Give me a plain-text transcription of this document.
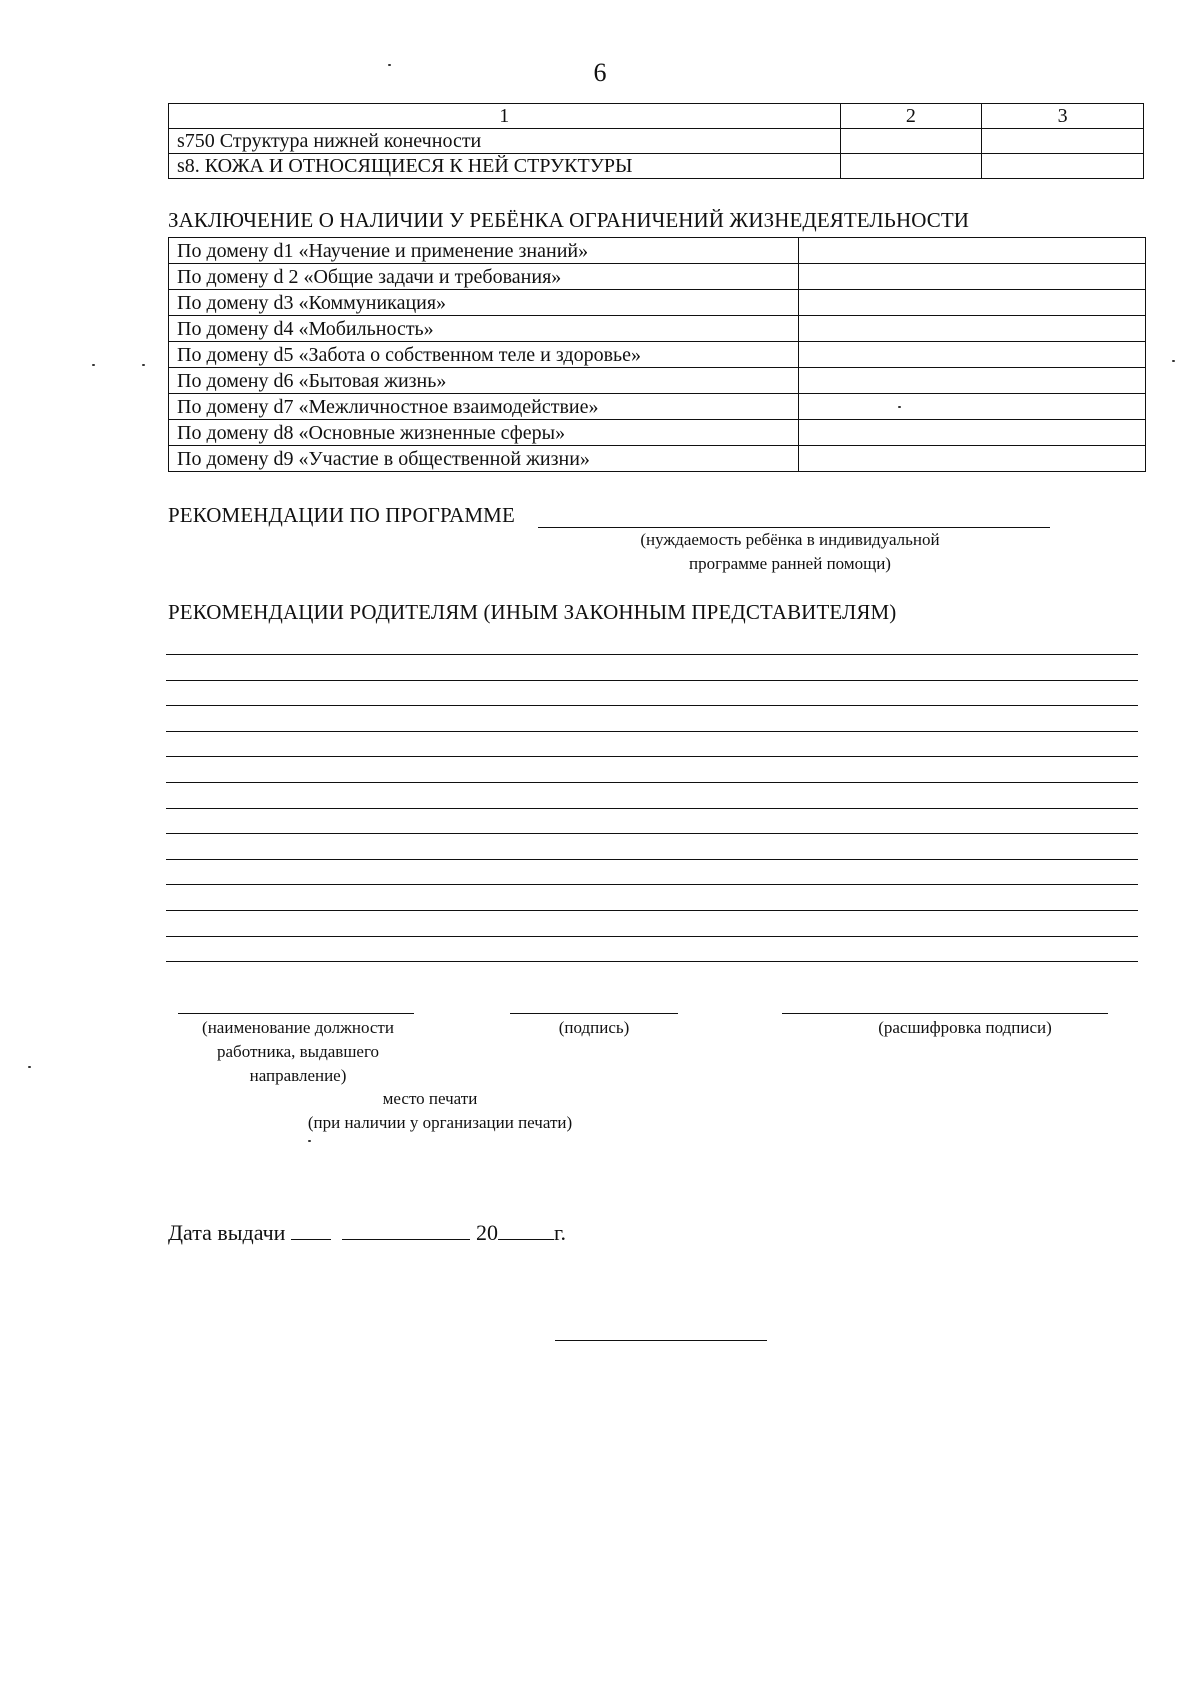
6
1	2	3
s750 Структура нижней конечности		
s8. КОЖА И ОТНОСЯЩИЕСЯ К НЕЙ СТРУКТУРЫ		
ЗАКЛЮЧЕНИЕ О НАЛИЧИИ У РЕБЁНКА ОГРАНИЧЕНИЙ ЖИЗНЕДЕЯТЕЛЬНОСТИ
По домену d1 «Научение и применение знаний»	
По домену d 2 «Общие задачи и требования»	
По домену d3 «Коммуникация»	
По домену d4 «Мобильность»	
По домену d5 «Забота о собственном теле и здоровье»	
По домену d6 «Бытовая жизнь»	
По домену d7 «Межличностное взаимодействие»	
По домену d8 «Основные жизненные сферы»	
По домену d9 «Участие в общественной жизни»	
РЕКОМЕНДАЦИИ ПО ПРОГРАММЕ
(нуждаемость ребёнка в индивидуальной
программе ранней помощи)
РЕКОМЕНДАЦИИ РОДИТЕЛЯМ (ИНЫМ ЗАКОННЫМ ПРЕДСТАВИТЕЛЯМ)
(наименование должности
работника, выдавшего
направление)
(подпись)	(расшифровка подписи)
место печати
(при наличии у организации печати)
Дата выдачи	20	г.
